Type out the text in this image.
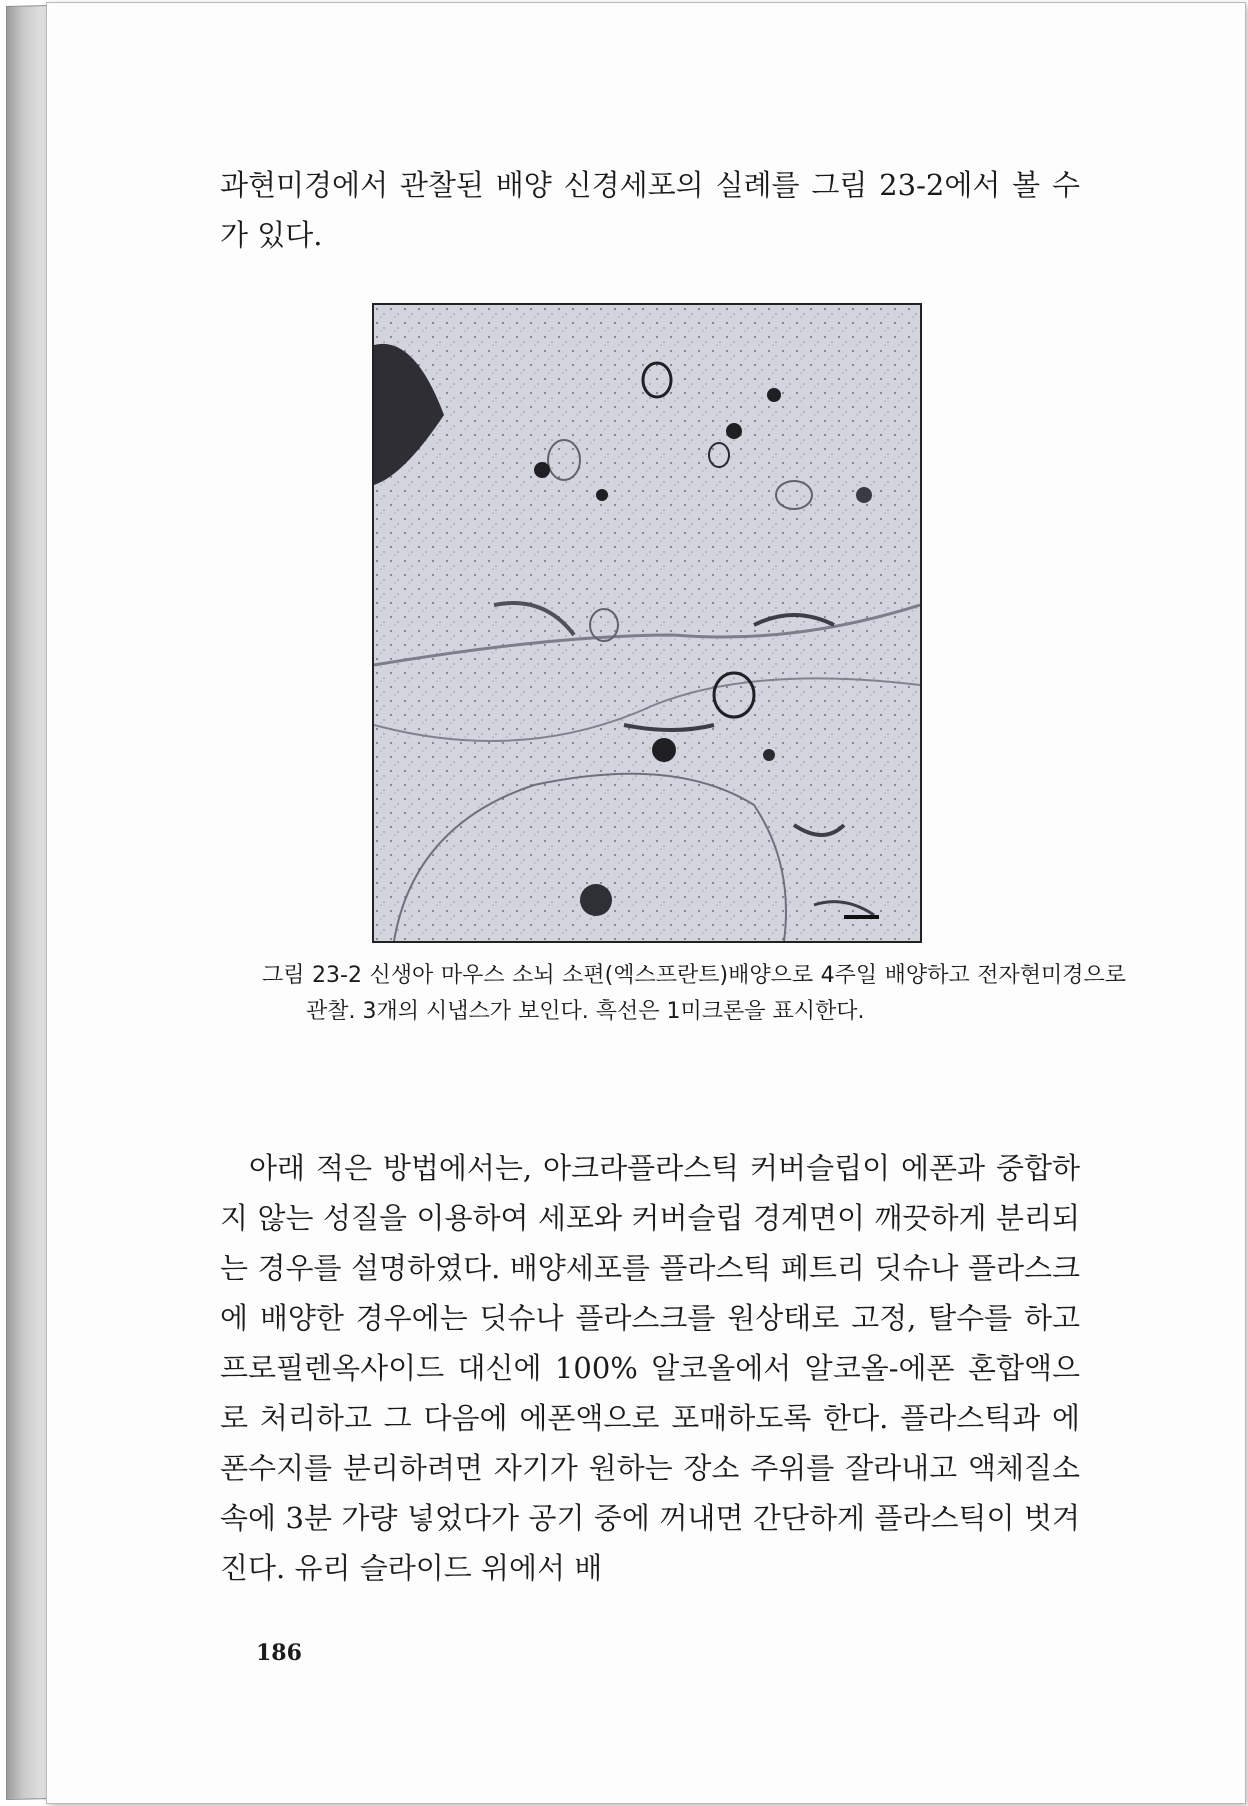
과현미경에서 관찰된 배양 신경세포의 실례를 그림 23-2에서 볼 수가 있다.
그림 23-2 신생아 마우스 소뇌 소편(엑스프란트)배양으로 4주일 배양하고 전자현미경으로 관찰. 3개의 시냅스가 보인다. 흑선은 1미크론을 표시한다.

아래 적은 방법에서는, 아크라플라스틱 커버슬립이 에폰과 중합하지 않는 성질을 이용하여 세포와 커버슬립 경계면이 깨끗하게 분리되는 경우를 설명하였다. 배양세포를 플라스틱 페트리 딧슈나 플라스크에 배양한 경우에는 딧슈나 플라스크를 원상태로 고정, 탈수를 하고 프로필렌옥사이드 대신에 100% 알코올에서 알코올-에폰 혼합액으로 처리하고 그 다음에 에폰액으로 포매하도록 한다. 플라스틱과 에폰수지를 분리하려면 자기가 원하는 장소 주위를 잘라내고 액체질소 속에 3분 가량 넣었다가 공기 중에 꺼내면 간단하게 플라스틱이 벗겨진다. 유리 슬라이드 위에서 배

186
